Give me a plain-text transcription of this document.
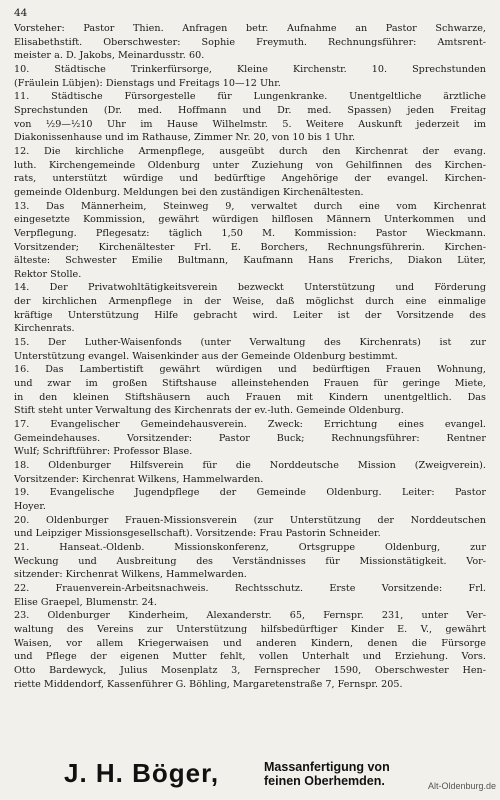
44
Vorsteher: Pastor Thien. Anfragen betr. Aufnahme an Pastor Schwarze,
Elisabethstift. Oberschwester: Sophie Freymuth. Rechnungsführer: Amtsrent-
meister a. D. Jakobs, Meinardusstr. 60.
10. Städtische Trinkerfürsorge, Kleine Kirchenstr. 10. Sprechstunden
(Fräulein Lübjen): Dienstags und Freitags 10—12 Uhr.
11. Städtische Fürsorgestelle für Lungenkranke. Unentgeltliche ärztliche
Sprechstunden (Dr. med. Hoffmann und Dr. med. Spassen) jeden Freitag
von ½9—½10 Uhr im Hause Wilhelmstr. 5. Weitere Auskunft jederzeit im
Diakonissenhause und im Rathause, Zimmer Nr. 20, von 10 bis 1 Uhr.
12. Die kirchliche Armenpflege, ausgeübt durch den Kirchenrat der evang.
luth. Kirchengemeinde Oldenburg unter Zuziehung von Gehilfinnen des Kirchen-
rats, unterstützt würdige und bedürftige Angehörige der evangel. Kirchen-
gemeinde Oldenburg. Meldungen bei den zuständigen Kirchenältesten.
13. Das Männerheim, Steinweg 9, verwaltet durch eine vom Kirchenrat
eingesetzte Kommission, gewährt würdigen hilflosen Männern Unterkommen und
Verpflegung. Pflegesatz: täglich 1,50 M. Kommission: Pastor Wieckmann.
Vorsitzender; Kirchenältester Frl. E. Borchers, Rechnungsführerin. Kirchen-
älteste: Schwester Emilie Bultmann, Kaufmann Hans Frerichs, Diakon Lüter,
Rektor Stolle.
14. Der Privatwohltätigkeitsverein bezweckt Unterstützung und Förderung
der kirchlichen Armenpflege in der Weise, daß möglichst durch eine einmalige
kräftige Unterstützung Hilfe gebracht wird. Leiter ist der Vorsitzende des
Kirchenrats.
15. Der Luther-Waisenfonds (unter Verwaltung des Kirchenrats) ist zur
Unterstützung evangel. Waisenkinder aus der Gemeinde Oldenburg bestimmt.
16. Das Lambertistift gewährt würdigen und bedürftigen Frauen Wohnung,
und zwar im großen Stiftshause alleinstehenden Frauen für geringe Miete,
in den kleinen Stiftshäusern auch Frauen mit Kindern unentgeltlich. Das
Stift steht unter Verwaltung des Kirchenrats der ev.-luth. Gemeinde Oldenburg.
17. Evangelischer Gemeindehausverein. Zweck: Errichtung eines evangel.
Gemeindehauses. Vorsitzender: Pastor Buck; Rechnungsführer: Rentner
Wulf; Schriftführer: Professor Blase.
18. Oldenburger Hilfsverein für die Norddeutsche Mission (Zweigverein).
Vorsitzender: Kirchenrat Wilkens, Hammelwarden.
19. Evangelische Jugendpflege der Gemeinde Oldenburg. Leiter: Pastor
Hoyer.
20. Oldenburger Frauen-Missionsverein (zur Unterstützung der Norddeutschen
und Leipziger Missionsgesellschaft). Vorsitzende: Frau Pastorin Schneider.
21. Hanseat.-Oldenb. Missionskonferenz, Ortsgruppe Oldenburg, zur
Weckung und Ausbreitung des Verständnisses für Missionstätigkeit. Vor-
sitzender: Kirchenrat Wilkens, Hammelwarden.
22. Frauenverein-Arbeitsnachweis. Rechtsschutz. Erste Vorsitzende: Frl.
Elise Graepel, Blumenstr. 24.
23. Oldenburger Kinderheim, Alexanderstr. 65, Fernspr. 231, unter Ver-
waltung des Vereins zur Unterstützung hilfsbedürftiger Kinder E. V., gewährt
Waisen, vor allem Kriegerwaisen und anderen Kindern, denen die Fürsorge
und Pflege der eigenen Mutter fehlt, vollen Unterhalt und Erziehung. Vors.
Otto Bardewyck, Julius Mosenplatz 3, Fernsprecher 1590, Oberschwester Hen-
riette Middendorf, Kassenführer G. Böhling, Margaretenstraße 7, Fernspr. 205.
J. H. Böger,	Massanfertigung von
feinen Oberhemden.	Alt-Oldenburg.de
